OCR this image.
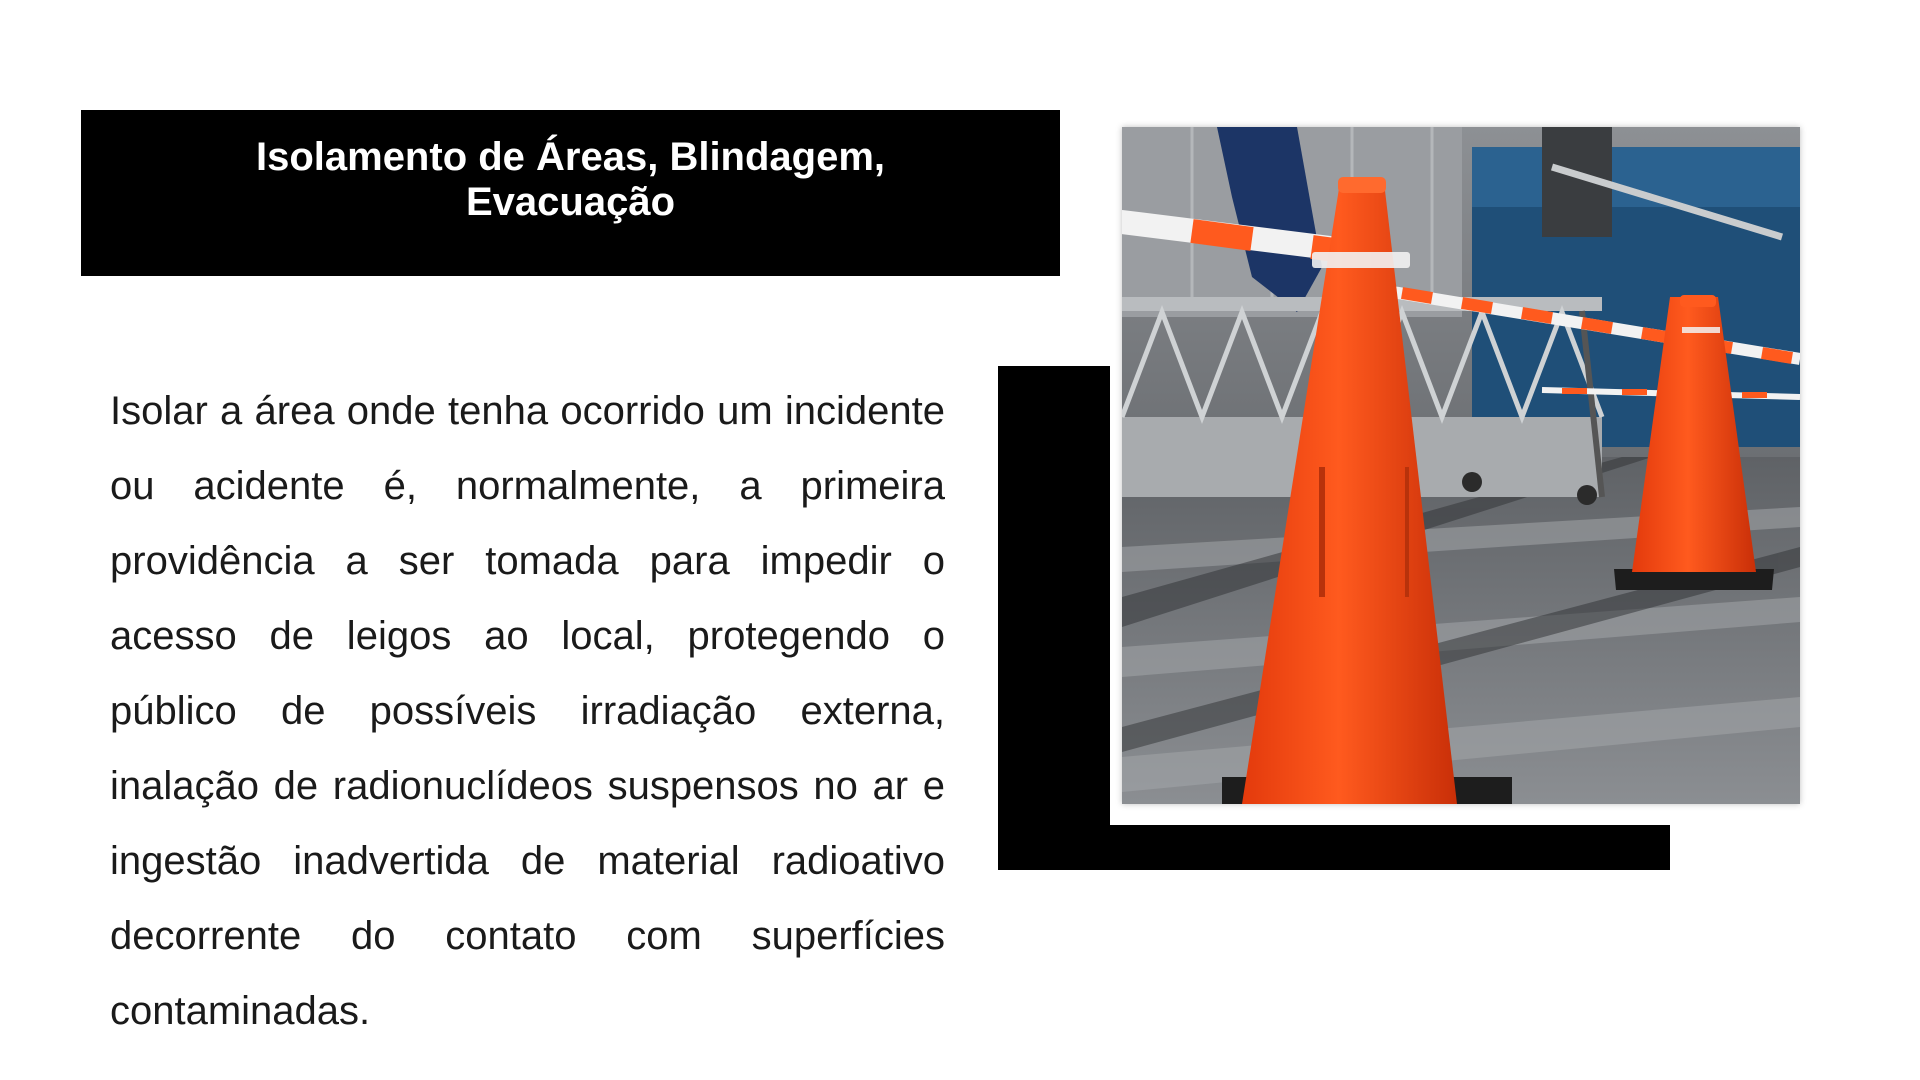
Isolamento de Áreas, Blindagem, Evacuação
Isolar a área onde tenha ocorrido um incidente ou acidente é, normalmente, a primeira providência a ser tomada para impedir o acesso de leigos ao local, protegendo o público de possíveis irradiação externa, inalação de radionuclídeos suspensos no ar e ingestão inadvertida de material radioativo decorrente do contato com superfícies contaminadas.
